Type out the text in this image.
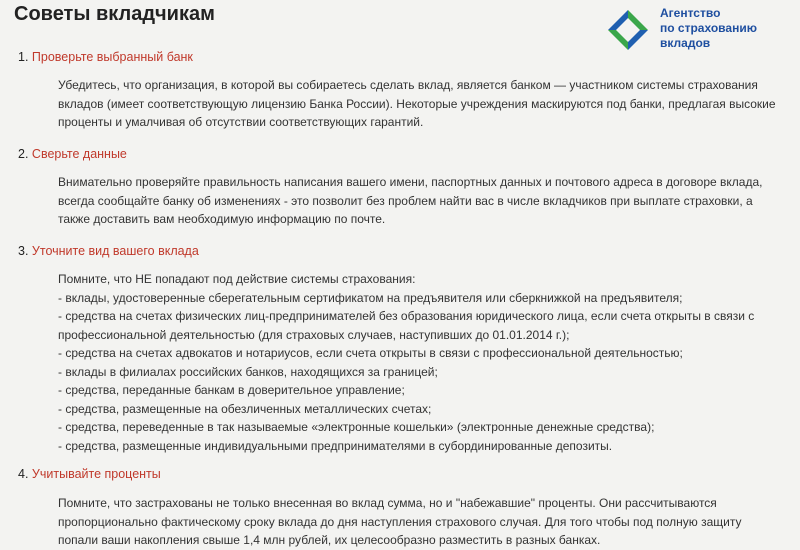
Советы вкладчикам	Агентство
по страхованию
вкладов
1. Проверьте выбранный банк

Убедитесь, что организация, в которой вы собираетесь сделать вклад, является банком — участником системы страхования

вкладов (имеет соответствующую лицензию Банка России). Некоторые учреждения маскируются под банки, предлагая высокие

проценты и умалчивая об отсутствии соответствующих гарантий.

2. Сверьте данные

Внимательно проверяйте правильность написания вашего имени, паспортных данных и почтового адреса в договоре вклада,

всегда сообщайте банку об изменениях - это позволит без проблем найти вас в числе вкладчиков при выплате страховки, а

также доставить вам необходимую информацию по почте.

3. Уточните вид вашего вклада

Помните, что НЕ попадают под действие системы страхования:

- вклады, удостоверенные сберегательным сертификатом на предъявителя или сберкнижкой на предъявителя;
- средства на счетах физических лиц-предпринимателей без образования юридического лица, если счета открыты в связи с
профессиональной деятельностью (для страховых случаев, наступивших до 01.01.2014 г.);
- средства на счетах адвокатов и нотариусов, если счета открыты в связи с профессиональной деятельностью;
- вклады в филиалах российских банков, находящихся за границей;
- средства, переданные банкам в доверительное управление;
- средства, размещенные на обезличенных металлических счетах;
- средства, переведенные в так называемые «электронные кошельки» (электронные денежные средства);
- средства, размещенные индивидуальными предпринимателями в субординированные депозиты.
4. Учитывайте проценты

Помните, что застрахованы не только внесенная во вклад сумма, но и "набежавшие" проценты. Они рассчитываются

пропорционально фактическому сроку вклада до дня наступления страхового случая. Для того чтобы под полную защиту

попали ваши накопления свыше 1,4 млн рублей, их целесообразно разместить в разных банках.
